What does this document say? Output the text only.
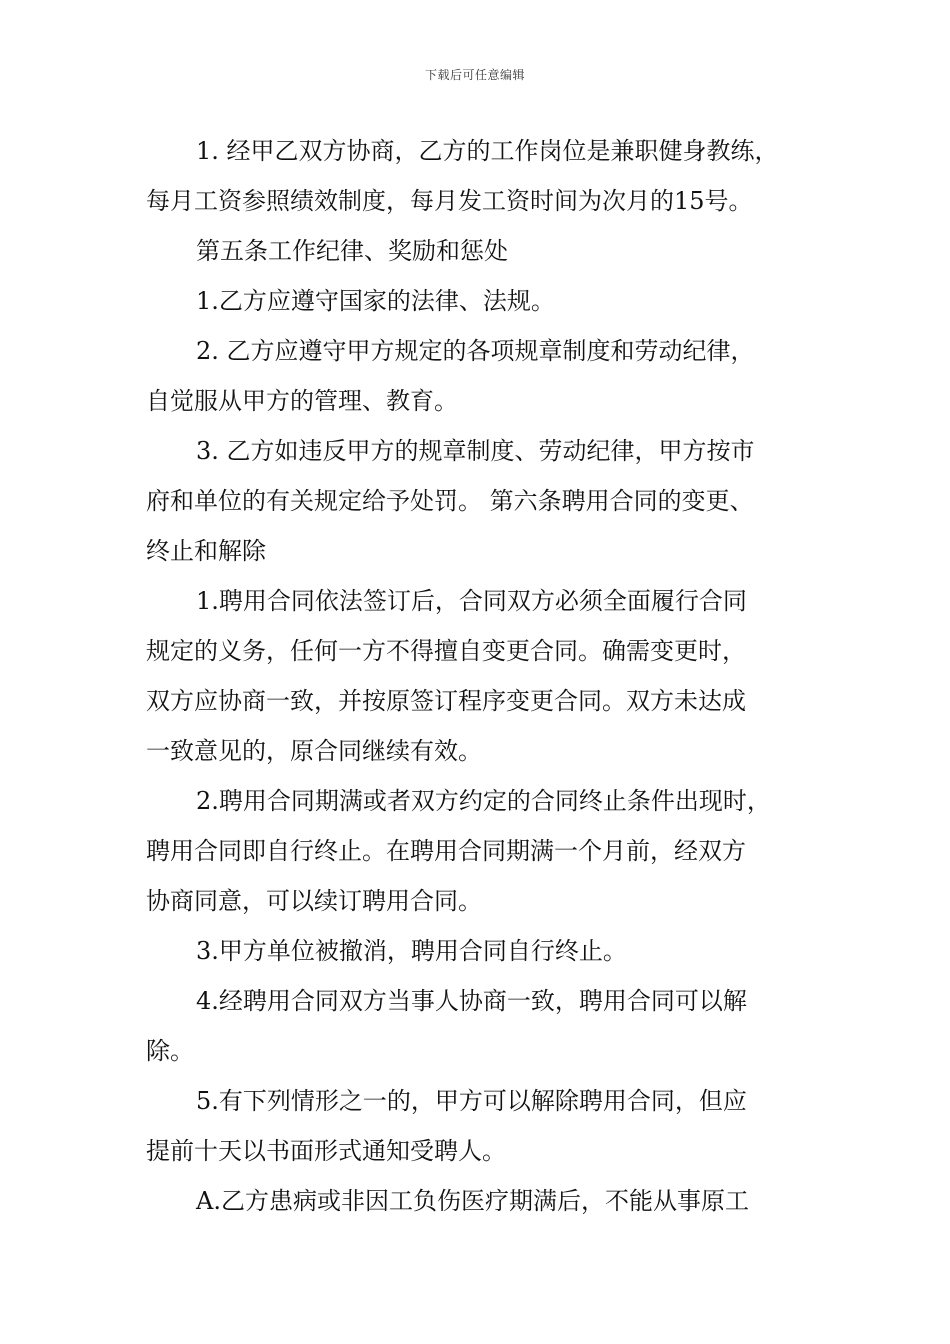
下载后可任意编辑
1. 经甲乙双方协商，乙方的工作岗位是兼职健身教练，
每月工资参照绩效制度，每月发工资时间为次月的15号。
第五条工作纪律、奖励和惩处
1.乙方应遵守国家的法律、法规。
2. 乙方应遵守甲方规定的各项规章制度和劳动纪律，
自觉服从甲方的管理、教育。
3. 乙方如违反甲方的规章制度、劳动纪律，甲方按市
府和单位的有关规定给予处罚。 第六条聘用合同的变更、
终止和解除
1.聘用合同依法签订后，合同双方必须全面履行合同
规定的义务，任何一方不得擅自变更合同。确需变更时，
双方应协商一致，并按原签订程序变更合同。双方未达成
一致意见的，原合同继续有效。
2.聘用合同期满或者双方约定的合同终止条件出现时，
聘用合同即自行终止。在聘用合同期满一个月前，经双方
协商同意，可以续订聘用合同。
3.甲方单位被撤消，聘用合同自行终止。
4.经聘用合同双方当事人协商一致，聘用合同可以解
除。
5.有下列情形之一的，甲方可以解除聘用合同，但应
提前十天以书面形式通知受聘人。
A.乙方患病或非因工负伤医疗期满后，不能从事原工
